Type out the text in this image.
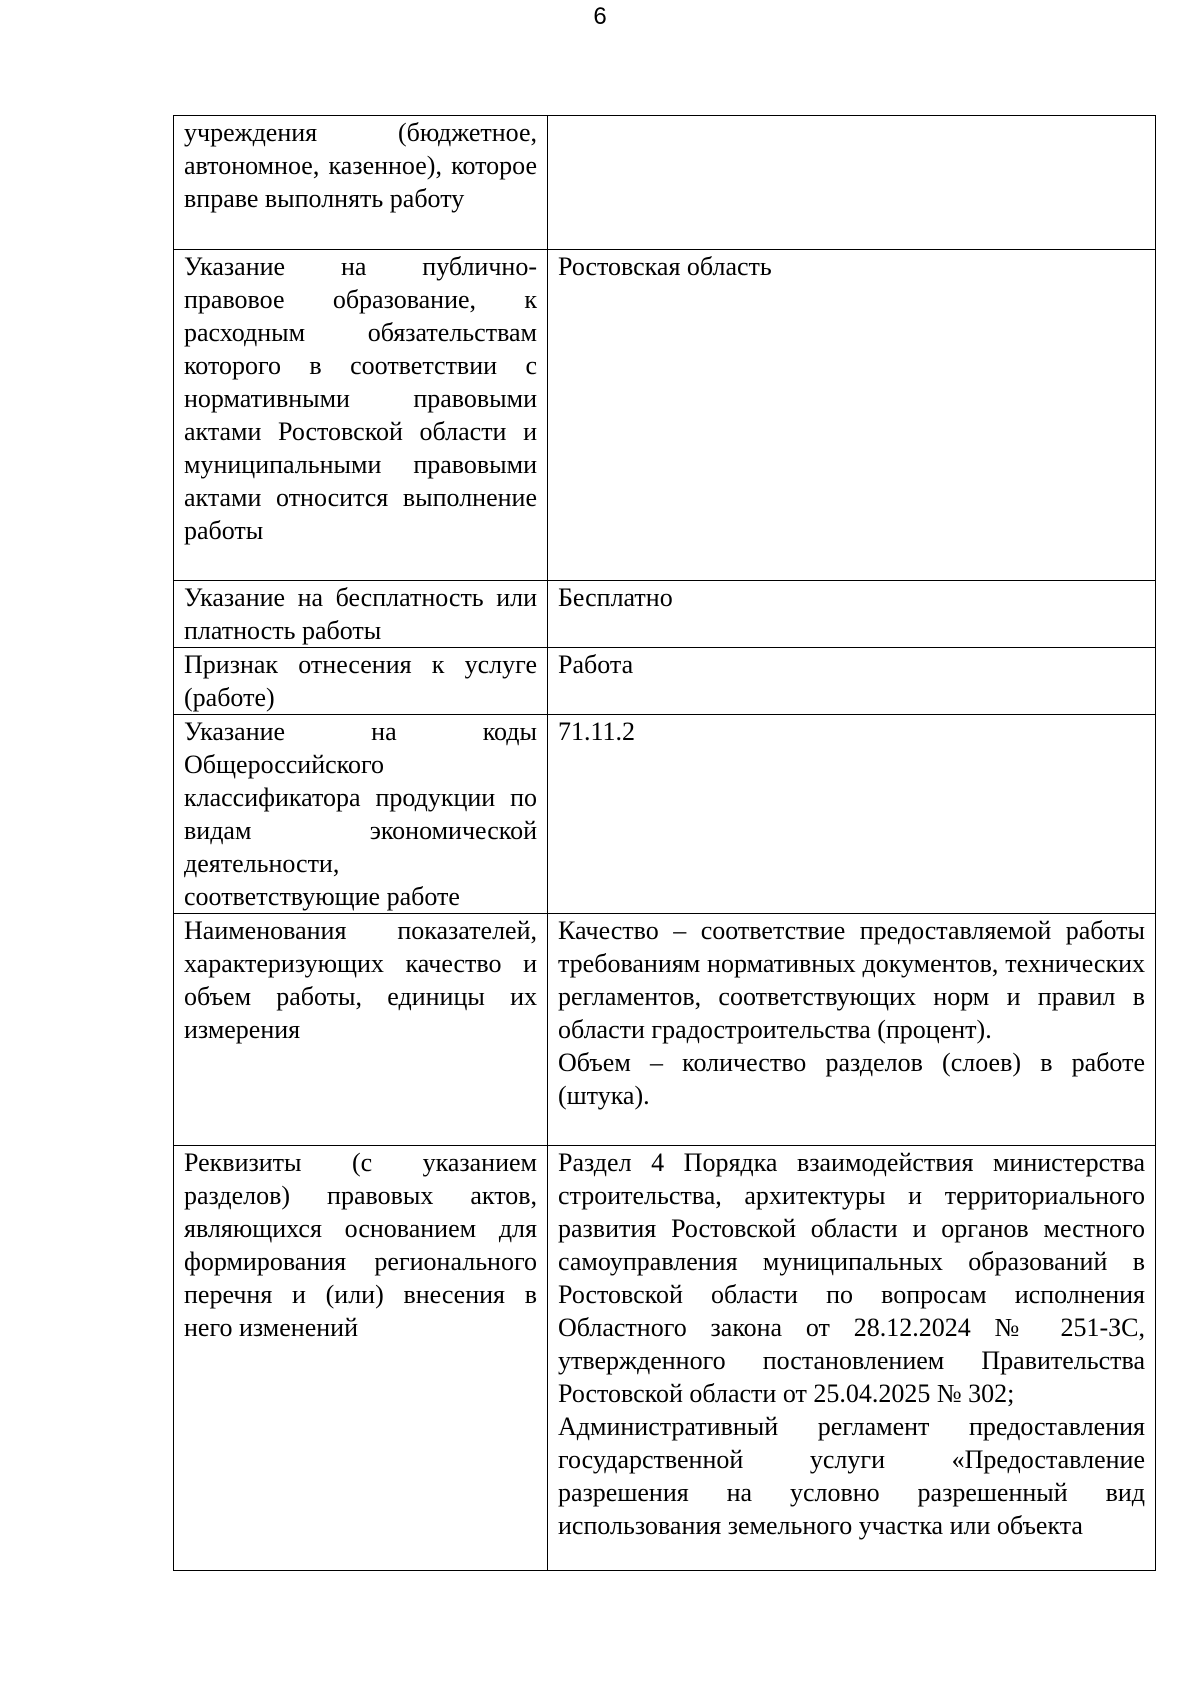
6
учреждения (бюджетное, автономное, казенное), которое вправе выполнять работу	

Указание на публично-правовое образование, к расходным обязательствам которого в соответствии с нормативными правовыми актами Ростовской области и муниципальными правовыми актами относится выполнение работы	Ростовская область

Указание на бесплатность или платность работы	Бесплатно

Признак отнесения к услуге (работе)	Работа

Указание на коды Общероссийского классификатора продукции по видам экономической деятельности, соответствующие работе	71.11.2

Наименования показателей, характеризующих качество и объем работы, единицы их измерения	Качество – соответствие предоставляемой работы требованиям нормативных документов, технических регламентов, соответствующих норм и правил в области градостроительства (процент).
Объем – количество разделов (слоев) в работе (штука).

Реквизиты (с указанием разделов) правовых актов, являющихся основанием для формирования регионального перечня и (или) внесения в него изменений	Раздел 4 Порядка взаимодействия министерства строительства, архитектуры и территориального развития Ростовской области и органов местного самоуправления муниципальных образований в Ростовской области по вопросам исполнения Областного закона от 28.12.2024 № 251-ЗС, утвержденного постановлением Правительства Ростовской области от 25.04.2025 № 302;
Административный регламент предоставления государственной услуги «Предоставление разрешения на условно разрешенный вид использования земельного участка или объекта
